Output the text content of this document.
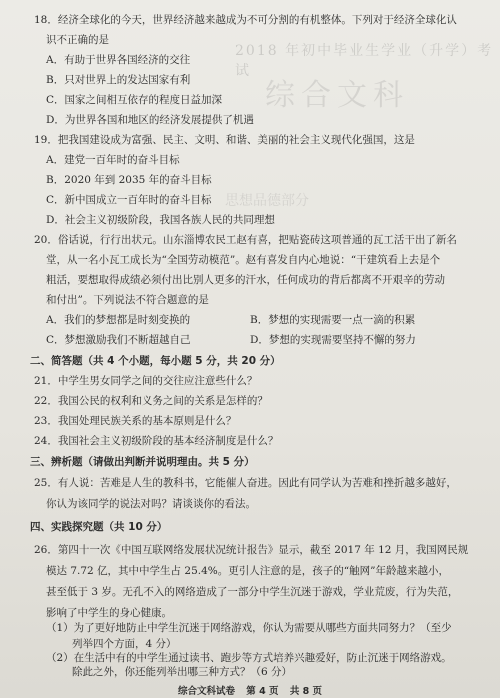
2018 年初中毕业生学业（升学）考试
综合文科
思想品德部分
18．经济全球化的今天，世界经济越来越成为不可分割的有机整体。下列对于经济全球化认
识不正确的是
A．有助于世界各国经济的交往
B．只对世界上的发达国家有利
C．国家之间相互依存的程度日益加深
D．为世界各国和地区的经济发展提供了机遇
19．把我国建设成为富强、民主、文明、和谐、美丽的社会主义现代化强国，这是
A．建党一百年时的奋斗目标
B．2020 年到 2035 年的奋斗目标
C．新中国成立一百年时的奋斗目标
D．社会主义初级阶段，我国各族人民的共同理想
20．俗话说，行行出状元。山东淄博农民工赵有喜，把贴瓷砖这项普通的瓦工活干出了新名
堂，从一名小瓦工成长为“全国劳动模范”。赵有喜发自内心地说：“干建筑看上去是个
粗活，要想取得成绩必须付出比别人更多的汗水，任何成功的背后都离不开艰辛的劳动
和付出”。下列说法不符合题意的是
A．我们的梦想都是时刻变换的	B．梦想的实现需要一点一滴的积累
C．梦想激励我们不断超越自己	D．梦想的实现需要坚持不懈的努力
二、简答题（共 4 个小题，每小题 5 分，共 20 分）
21．中学生男女同学之间的交往应注意些什么？
22．我国公民的权利和义务之间的关系是怎样的？
23．我国处理民族关系的基本原则是什么？
24．我国社会主义初级阶段的基本经济制度是什么？
三、辨析题（请做出判断并说明理由。共 5 分）
25．有人说：苦难是人生的教科书，它能催人奋进。因此有同学认为苦难和挫折越多越好，
你认为该同学的说法对吗？请谈谈你的看法。
四、实践探究题（共 10 分）
26．第四十一次《中国互联网络发展状况统计报告》显示，截至 2017 年 12 月，我国网民规
模达 7.72 亿，其中中学生占 25.4%。更引人注意的是，孩子的“触网”年龄越来越小，
甚至低于 3 岁。无孔不入的网络造成了一部分中学生沉迷于游戏，学业荒废，行为失范，
影响了中学生的身心健康。
（1）为了更好地防止中学生沉迷于网络游戏，你认为需要从哪些方面共同努力？（至少
列举四个方面，4 分）
（2）在生活中有的中学生通过读书、跑步等方式培养兴趣爱好，防止沉迷于网络游戏。
除此之外，你还能列举出哪三种方式？（6 分）
综合文科试卷 第 4 页 共 8 页
